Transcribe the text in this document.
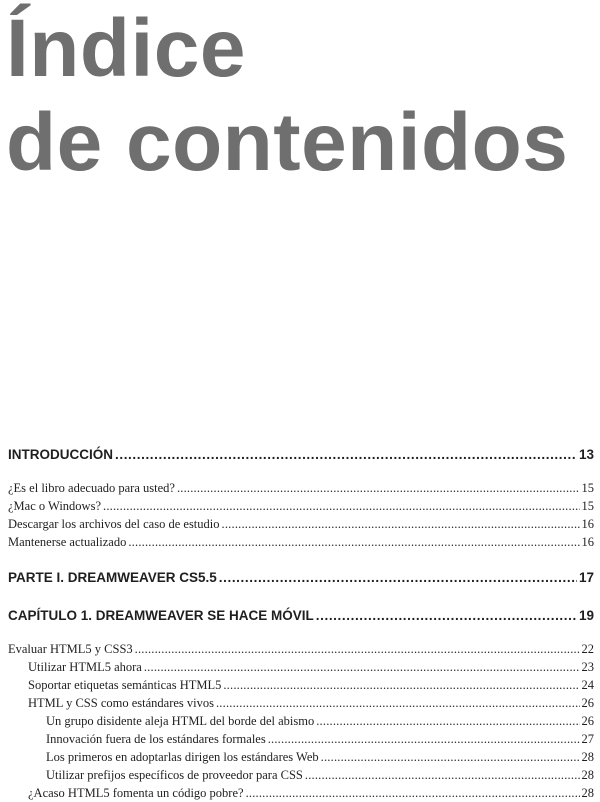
Índice
de contenidos
INTRODUCCIÓN .....	13
¿Es el libro adecuado para usted? .....	15
¿Mac o Windows? .....	15
Descargar los archivos del caso de estudio .....	16
Mantenerse actualizado .....	16
PARTE I. DREAMWEAVER CS5.5 .....	17
CAPÍTULO 1. DREAMWEAVER SE HACE MÓVIL .....	19
Evaluar HTML5 y CSS3 .....	22
Utilizar HTML5 ahora .....	23
Soportar etiquetas semánticas HTML5 .....	24
HTML y CSS como estándares vivos .....	26
Un grupo disidente aleja HTML del borde del abismo .....	26
Innovación fuera de los estándares formales .....	27
Los primeros en adoptarlas dirigen los estándares Web .....	28
Utilizar prefijos específicos de proveedor para CSS .....	28
¿Acaso HTML5 fomenta un código pobre? .....	28
